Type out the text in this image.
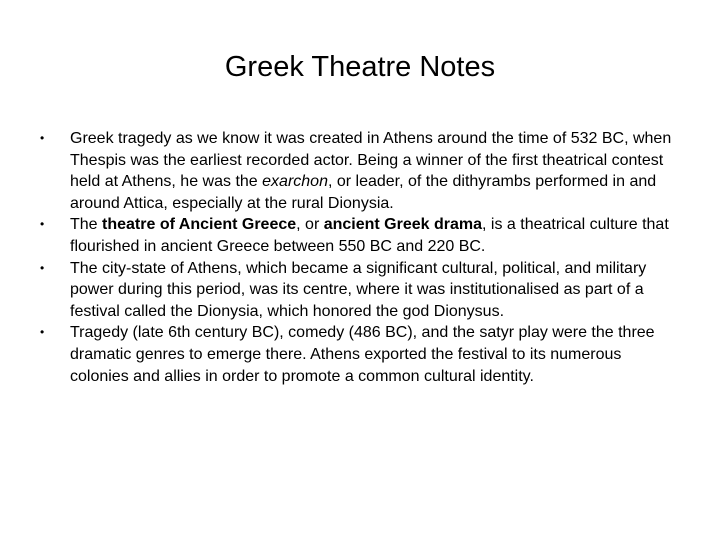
Greek Theatre Notes
• Greek tragedy as we know it was created in Athens around the time of 532 BC, when Thespis was the earliest recorded actor. Being a winner of the first theatrical contest held at Athens, he was the exarchon, or leader, of the dithyrambs performed in and around Attica, especially at the rural Dionysia.
• The theatre of Ancient Greece, or ancient Greek drama, is a theatrical culture that flourished in ancient Greece between 550 BC and 220 BC.
• The city-state of Athens, which became a significant cultural, political, and military power during this period, was its centre, where it was institutionalised as part of a festival called the Dionysia, which honored the god Dionysus.
• Tragedy (late 6th century BC), comedy (486 BC), and the satyr play were the three dramatic genres to emerge there. Athens exported the festival to its numerous colonies and allies in order to promote a common cultural identity.
